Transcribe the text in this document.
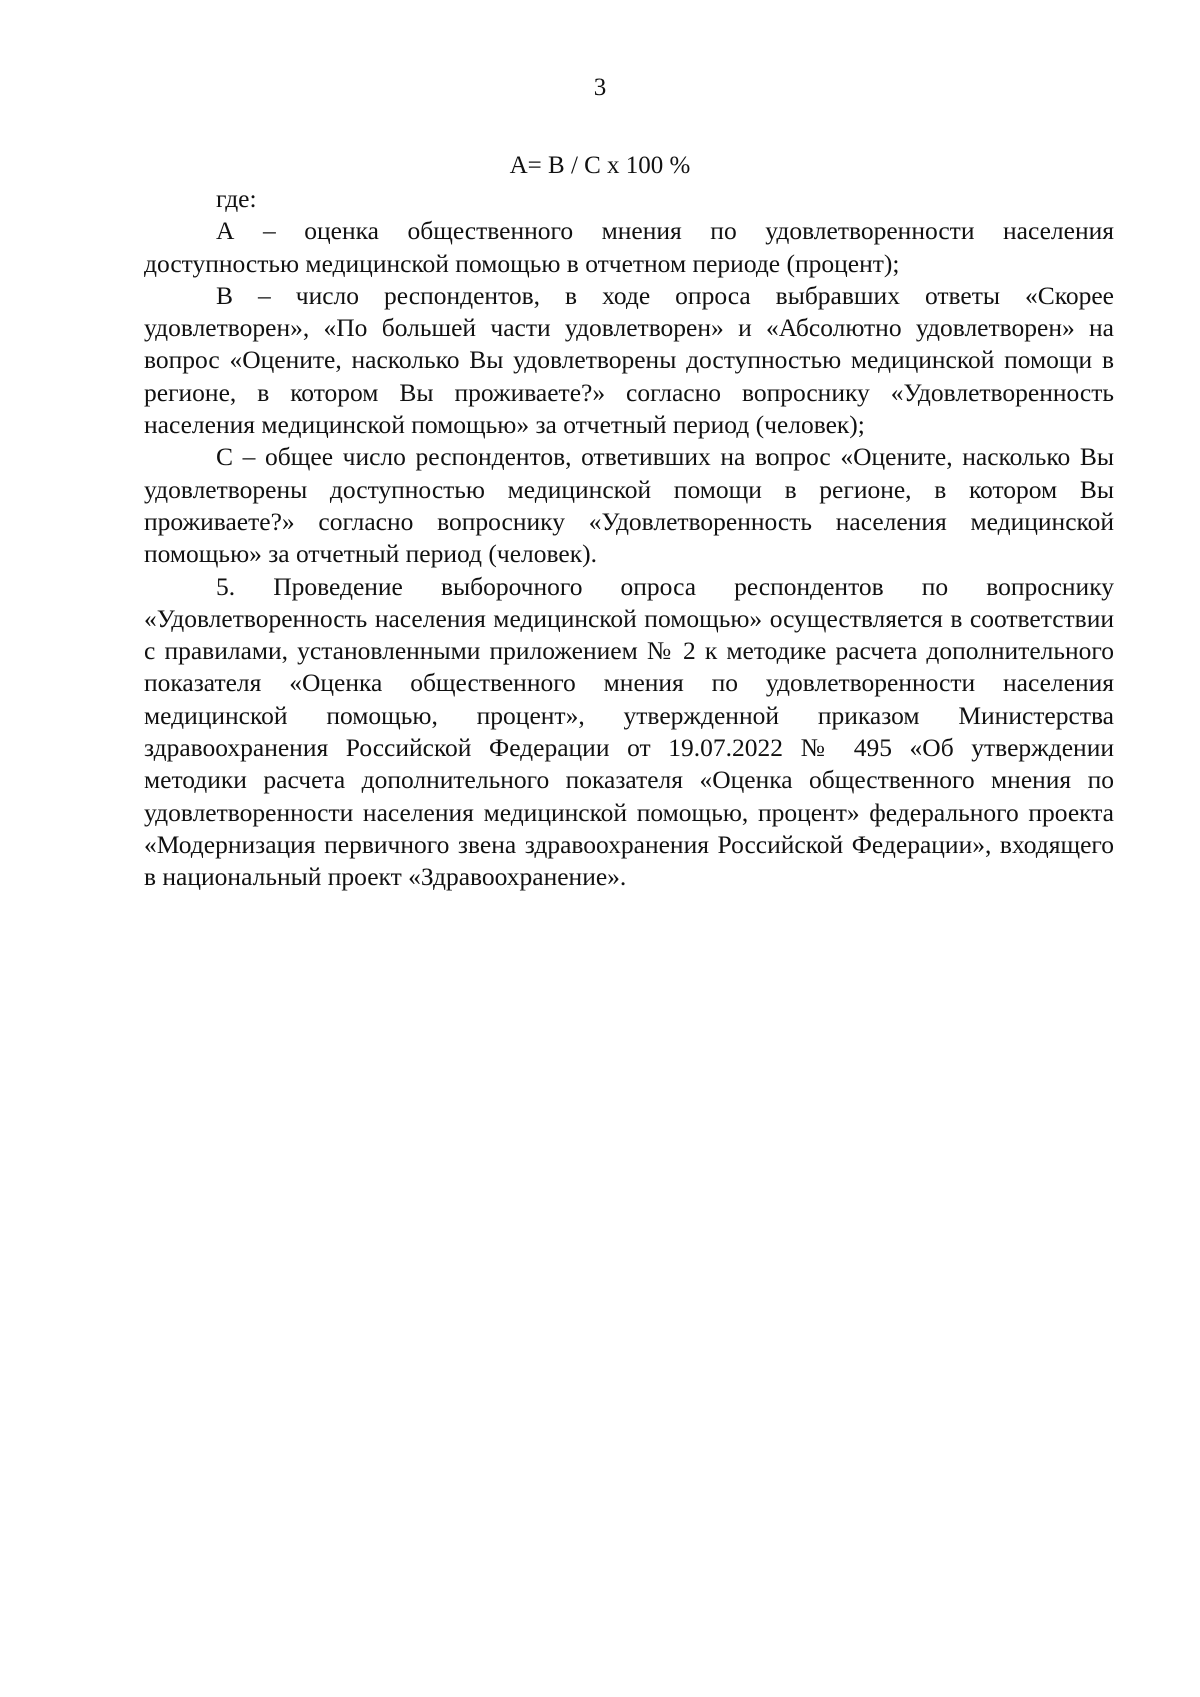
3
A= B / C х 100 %

где:

А – оценка общественного мнения по удовлетворенности населения доступностью медицинской помощью в отчетном периоде (процент);

В – число респондентов, в ходе опроса выбравших ответы «Скорее удовлетворен», «По большей части удовлетворен» и «Абсолютно удовлетворен» на вопрос «Оцените, насколько Вы удовлетворены доступностью медицинской помощи в регионе, в котором Вы проживаете?» согласно вопроснику «Удовлетворенность населения медицинской помощью» за отчетный период (человек);

С – общее число респондентов, ответивших на вопрос «Оцените, насколько Вы удовлетворены доступностью медицинской помощи в регионе, в котором Вы проживаете?» согласно вопроснику «Удовлетворенность населения медицинской помощью» за отчетный период (человек).

5. Проведение выборочного опроса респондентов по вопроснику «Удовлетворенность населения медицинской помощью» осуществляется в соответствии с правилами, установленными приложением № 2 к методике расчета дополнительного показателя «Оценка общественного мнения по удовлетворенности населения медицинской помощью, процент», утвержденной приказом Министерства здравоохранения Российской Федерации от 19.07.2022 № 495 «Об утверждении методики расчета дополнительного показателя «Оценка общественного мнения по удовлетворенности населения медицинской помощью, процент» федерального проекта «Модернизация первичного звена здравоохранения Российской Федерации», входящего в национальный проект «Здравоохранение».
